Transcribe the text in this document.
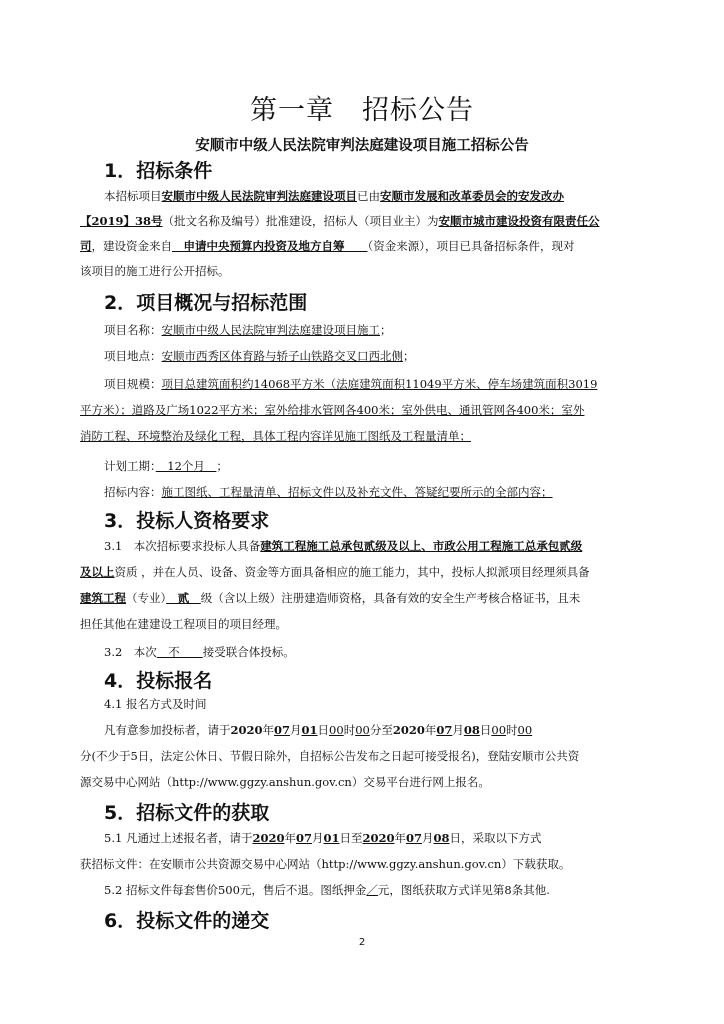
第一章　招标公告
安顺市中级人民法院审判法庭建设项目施工招标公告
1．招标条件
本招标项目安顺市中级人民法院审判法庭建设项目已由安顺市发展和改革委员会的安发改办
【2019】38号（批文名称及编号）批准建设，招标人（项目业主）为安顺市城市建设投资有限责任公
司，建设资金来自　申请中央预算内投资及地方自筹　　（资金来源），项目已具备招标条件，现对
该项目的施工进行公开招标。
2．项目概况与招标范围
项目名称：安顺市中级人民法院审判法庭建设项目施工；
项目地点：安顺市西秀区体育路与轿子山铁路交叉口西北侧；
项目规模：项目总建筑面积约14068平方米（法庭建筑面积11049平方米、停车场建筑面积3019
平方米）；道路及广场1022平方米；室外给排水管网各400米；室外供电、通讯管网各400米；室外
消防工程、环境整治及绿化工程，具体工程内容详见施工图纸及工程量清单；
计划工期：　12个月　；
招标内容：施工图纸、工程量清单、招标文件以及补充文件、答疑纪要所示的全部内容；
3．投标人资格要求
3.1　本次招标要求投标人具备建筑工程施工总承包贰级及以上、市政公用工程施工总承包贰级
及以上资质 ，并在人员、设备、资金等方面具备相应的施工能力，其中，投标人拟派项目经理须具备
建筑工程（专业）　贰　级（含以上级）注册建造师资格，具备有效的安全生产考核合格证书，且未
担任其他在建建设工程项目的项目经理。
3.2　本次　不　　接受联合体投标。
4．投标报名
4.1 报名方式及时间
凡有意参加投标者，请于2020年07月01日00时00分至2020年07月08日00时00
分(不少于5日，法定公休日、节假日除外，自招标公告发布之日起可接受报名)，登陆安顺市公共资
源交易中心网站（http://www.ggzy.anshun.gov.cn）交易平台进行网上报名。
5．招标文件的获取
5.1 凡通过上述报名者，请于2020年07月01日至2020年07月08日，采取以下方式
获招标文件：在安顺市公共资源交易中心网站（http://www.ggzy.anshun.gov.cn）下载获取。
5.2 招标文件每套售价500元，售后不退。图纸押金／元，图纸获取方式详见第8条其他.
6．投标文件的递交
2
